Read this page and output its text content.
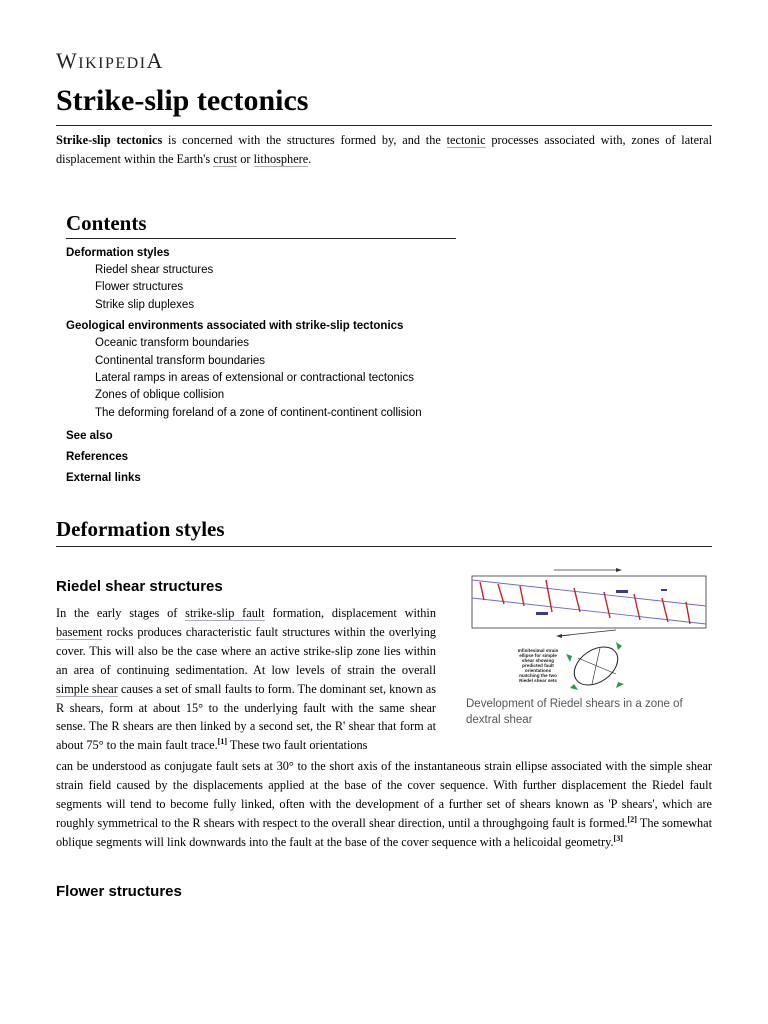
WIKIPEDIA
Strike-slip tectonics

Strike-slip tectonics is concerned with the structures formed by, and the tectonic processes associated with, zones of lateral displacement within the Earth's crust or lithosphere.

Contents
Deformation styles
Riedel shear structures
Flower structures
Strike slip duplexes
Geological environments associated with strike-slip tectonics
Oceanic transform boundaries
Continental transform boundaries
Lateral ramps in areas of extensional or contractional tectonics
Zones of oblique collision
The deforming foreland of a zone of continent-continent collision
See also
References
External links
Deformation styles
Riedel shear structures

In the early stages of strike-slip fault formation, displacement within basement rocks produces characteristic fault structures within the overlying cover. This will also be the case where an active strike-slip zone lies within an area of continuing sedimentation. At low levels of strain the overall simple shear causes a set of small faults to form. The dominant set, known as R shears, form at about 15° to the underlying fault with the same shear sense. The R shears are then linked by a second set, the R' shear that form at about 75° to the main fault trace.[1] These two fault orientations

can be understood as conjugate fault sets at 30° to the short axis of the instantaneous strain ellipse associated with the simple shear strain field caused by the displacements applied at the base of the cover sequence. With further displacement the Riedel fault segments will tend to become fully linked, often with the development of a further set of shears known as 'P shears', which are roughly symmetrical to the R shears with respect to the overall shear direction, until a throughgoing fault is formed.[2] The somewhat oblique segments will link downwards into the fault at the base of the cover sequence with a helicoidal geometry.[3]

Infinitesimal strain
ellipse for simple
shear showing
predicted fault
orientations
matching the two
Riedel shear sets
Development of Riedel shears in a zone of dextral shear
Flower structures
